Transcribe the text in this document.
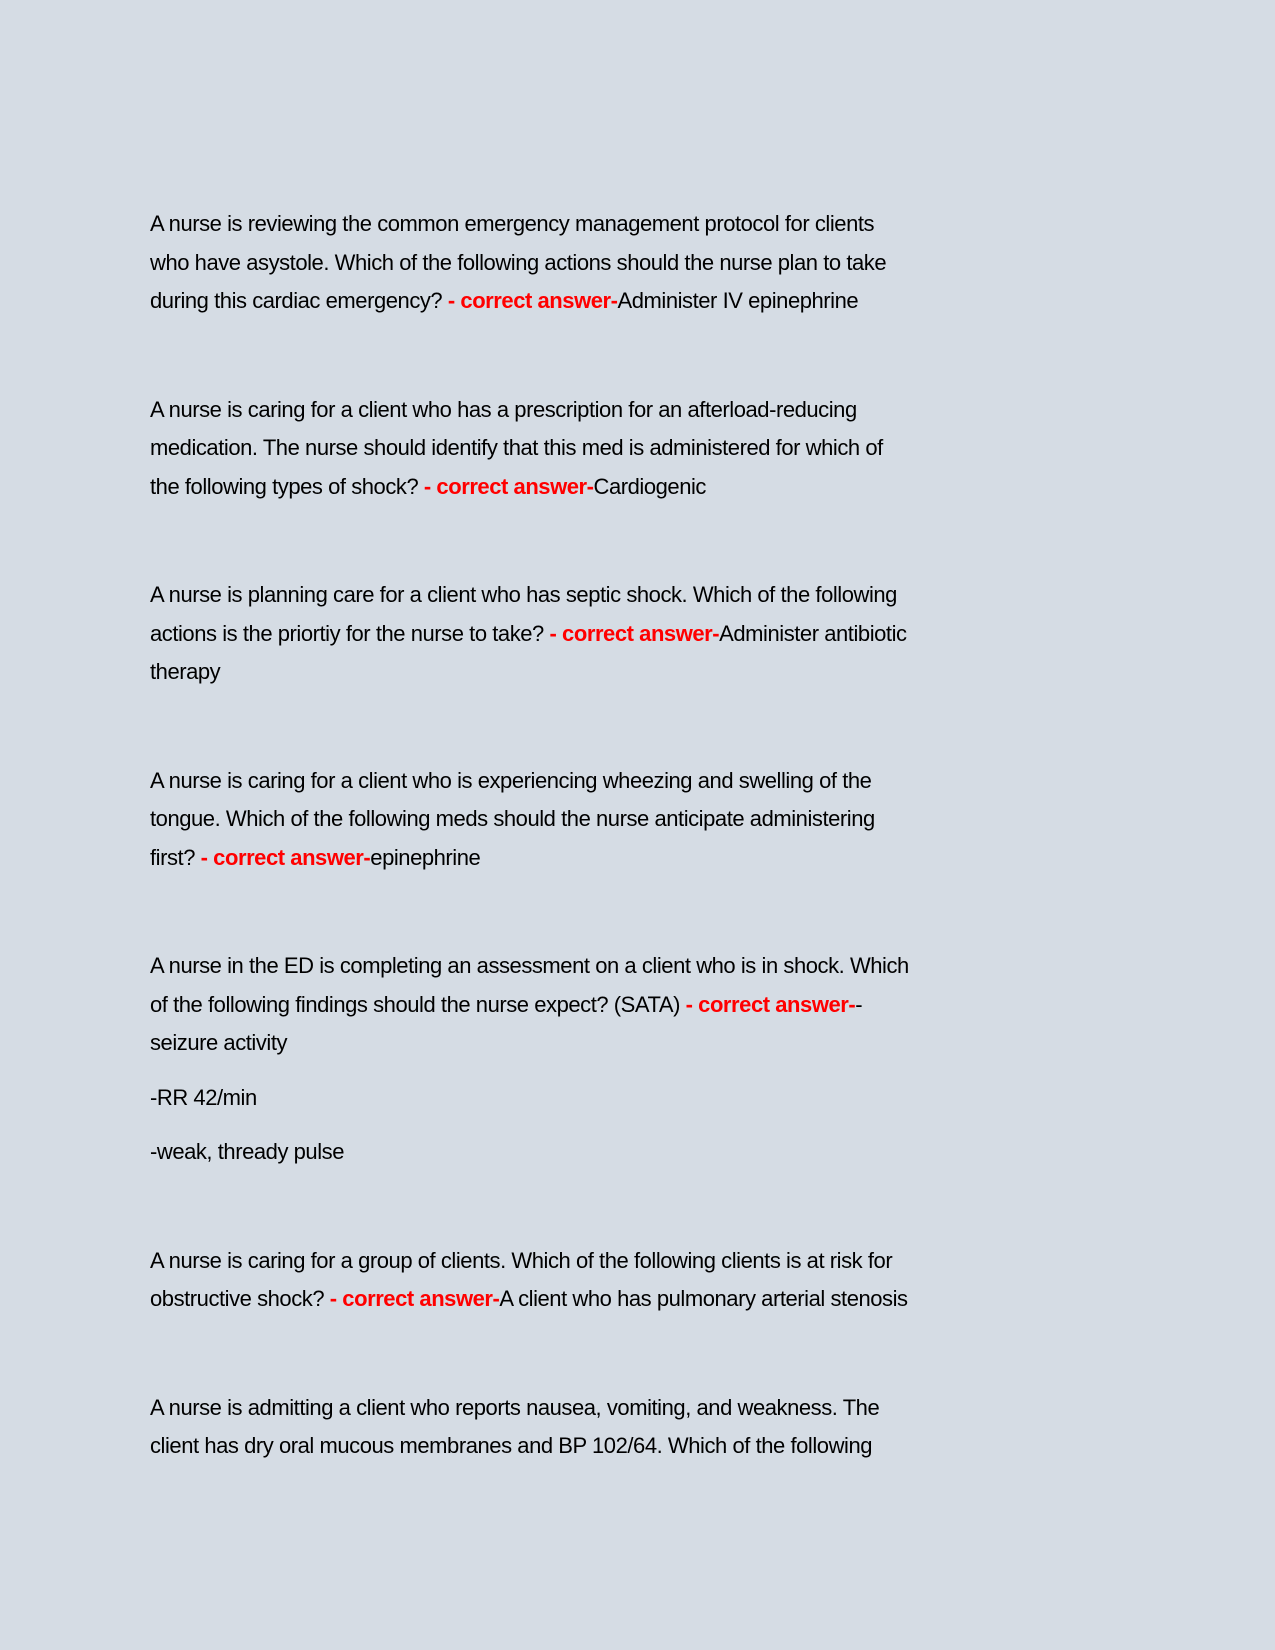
A nurse is reviewing the common emergency management protocol for clients
who have asystole. Which of the following actions should the nurse plan to take
during this cardiac emergency? - correct answer-Administer IV epinephrine
A nurse is caring for a client who has a prescription for an afterload-reducing
medication. The nurse should identify that this med is administered for which of
the following types of shock? - correct answer-Cardiogenic
A nurse is planning care for a client who has septic shock. Which of the following
actions is the priortiy for the nurse to take? - correct answer-Administer antibiotic
therapy
A nurse is caring for a client who is experiencing wheezing and swelling of the
tongue. Which of the following meds should the nurse anticipate administering
first? - correct answer-epinephrine
A nurse in the ED is completing an assessment on a client who is in shock. Which
of the following findings should the nurse expect? (SATA) - correct answer--
seizure activity
-RR 42/min
-weak, thready pulse
A nurse is caring for a group of clients. Which of the following clients is at risk for
obstructive shock? - correct answer-A client who has pulmonary arterial stenosis
A nurse is admitting a client who reports nausea, vomiting, and weakness. The
client has dry oral mucous membranes and BP 102/64. Which of the following
